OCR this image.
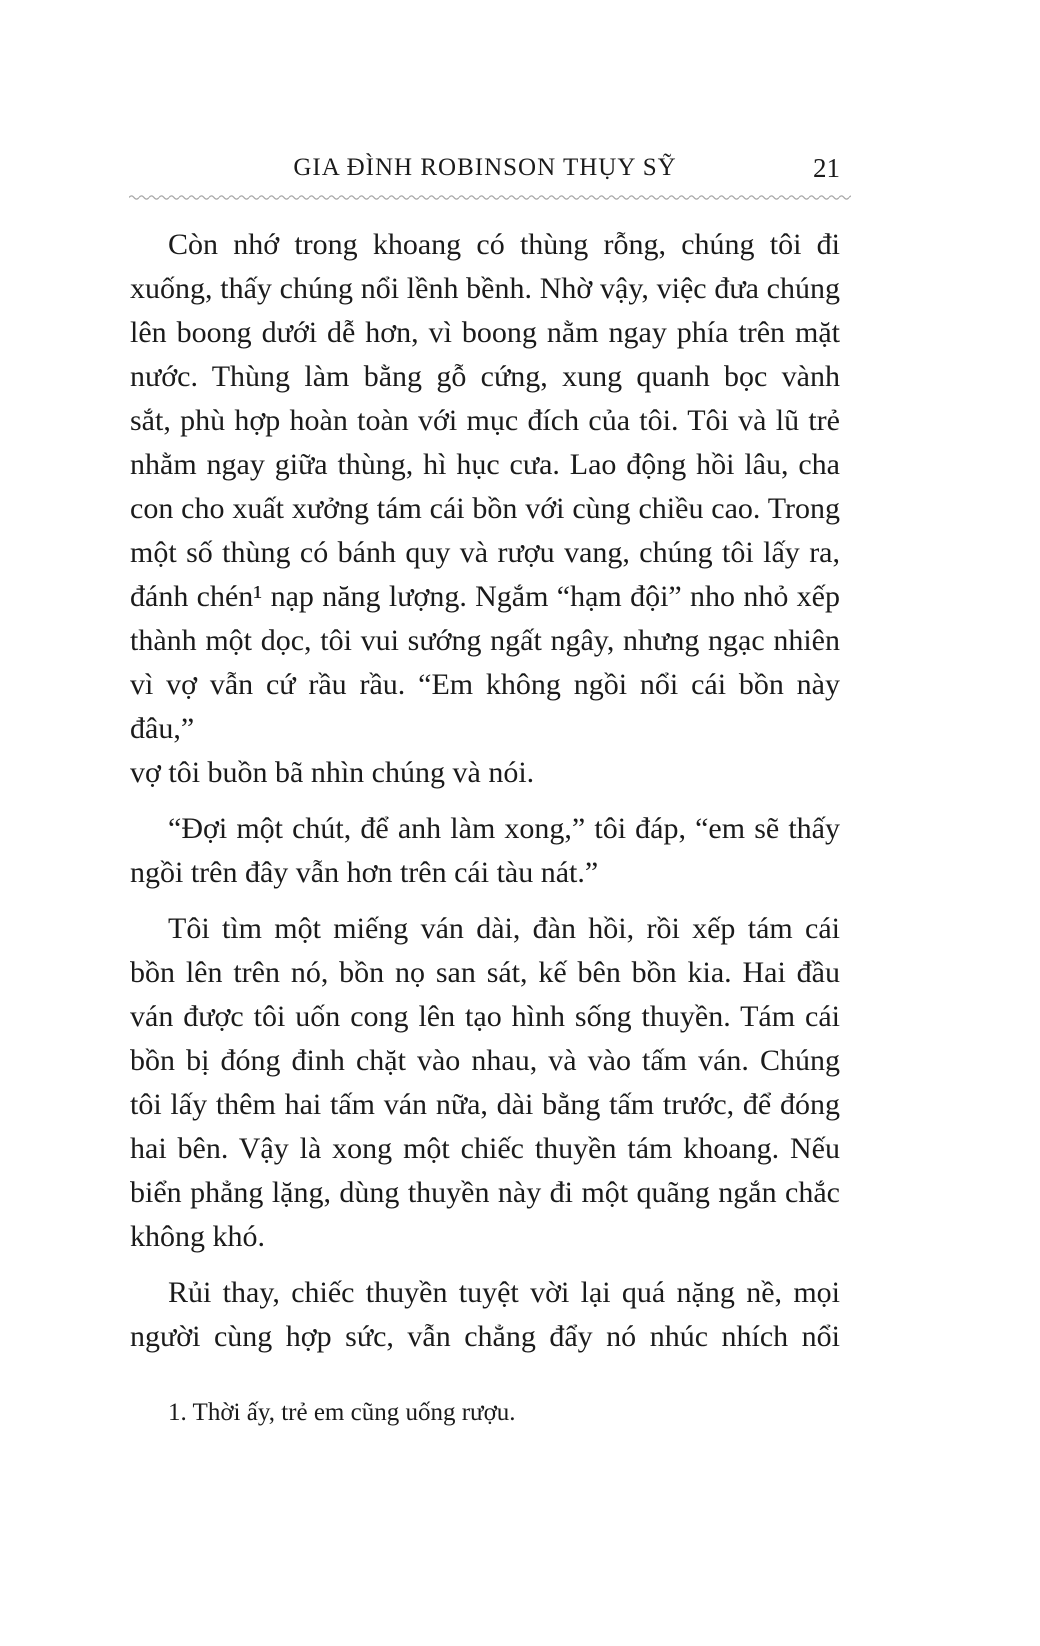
GIA ĐÌNH ROBINSON THỤY SỸ	21
Còn nhớ trong khoang có thùng rỗng, chúng tôi đi
xuống, thấy chúng nổi lềnh bềnh. Nhờ vậy, việc đưa chúng
lên boong dưới dễ hơn, vì boong nằm ngay phía trên mặt
nước. Thùng làm bằng gỗ cứng, xung quanh bọc vành
sắt, phù hợp hoàn toàn với mục đích của tôi. Tôi và lũ trẻ
nhằm ngay giữa thùng, hì hục cưa. Lao động hồi lâu, cha
con cho xuất xưởng tám cái bồn với cùng chiều cao. Trong
một số thùng có bánh quy và rượu vang, chúng tôi lấy ra,
đánh chén¹ nạp năng lượng. Ngắm “hạm đội” nho nhỏ xếp
thành một dọc, tôi vui sướng ngất ngây, nhưng ngạc nhiên
vì vợ vẫn cứ rầu rầu. “Em không ngồi nổi cái bồn này đâu,”
vợ tôi buồn bã nhìn chúng và nói.
“Đợi một chút, để anh làm xong,” tôi đáp, “em sẽ thấy
ngồi trên đây vẫn hơn trên cái tàu nát.”
Tôi tìm một miếng ván dài, đàn hồi, rồi xếp tám cái
bồn lên trên nó, bồn nọ san sát, kế bên bồn kia. Hai đầu
ván được tôi uốn cong lên tạo hình sống thuyền. Tám cái
bồn bị đóng đinh chặt vào nhau, và vào tấm ván. Chúng
tôi lấy thêm hai tấm ván nữa, dài bằng tấm trước, để đóng
hai bên. Vậy là xong một chiếc thuyền tám khoang. Nếu
biển phẳng lặng, dùng thuyền này đi một quãng ngắn chắc
không khó.
Rủi thay, chiếc thuyền tuyệt vời lại quá nặng nề, mọi
người cùng hợp sức, vẫn chẳng đẩy nó nhúc nhích nổi
1. Thời ấy, trẻ em cũng uống rượu.
